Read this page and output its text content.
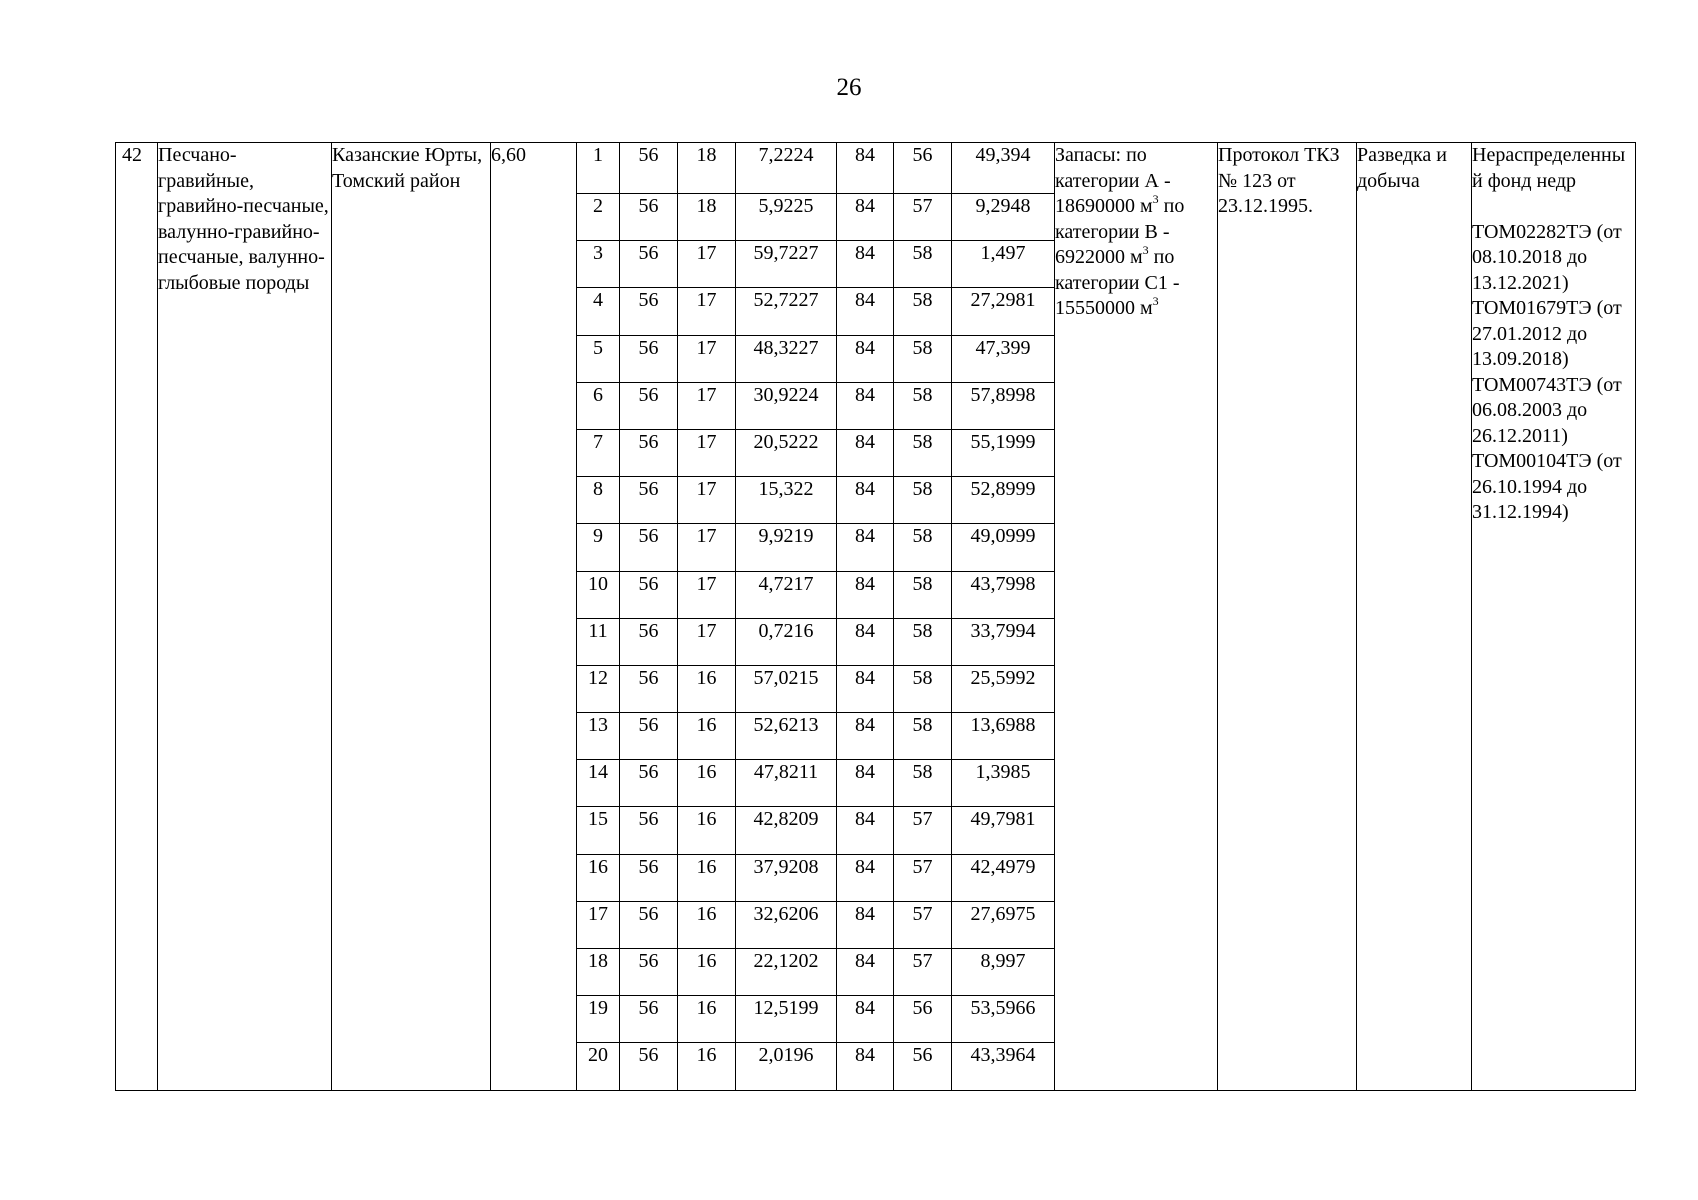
26
42	Песчано-гравийные, гравийно-песчаные, валунно-гравийно-песчаные, валунно-глыбовые породы	Казанские Юрты, Томский район	6,60	1	56	18	7,2224	84	56	49,394	Запасы: по категории А - 18690000 $м^3$ по категории В - 6922000 $м^3$ по категории С1 - 15550000 $м^3$	Протокол ТКЗ № 123 от 23.12.1995.	Разведка и добыча	Нераспределенный фонд недр
ТОМ02282ТЭ (от 08.10.2018 до 13.12.2021)
ТОМ01679ТЭ (от 27.01.2012 до 13.09.2018)
ТОМ00743ТЭ (от 06.08.2003 до 26.12.2011)
ТОМ00104ТЭ (от 26.10.1994 до 31.12.1994)

				2	56	18	5,9225	84	57	9,2948				
				3	56	17	59,7227	84	58	1,497				
				4	56	17	52,7227	84	58	27,2981				
				5	56	17	48,3227	84	58	47,399				
				6	56	17	30,9224	84	58	57,8998				
				7	56	17	20,5222	84	58	55,1999				
				8	56	17	15,322	84	58	52,8999				
				9	56	17	9,9219	84	58	49,0999				
				10	56	17	4,7217	84	58	43,7998				
				11	56	17	0,7216	84	58	33,7994				
				12	56	16	57,0215	84	58	25,5992				
				13	56	16	52,6213	84	58	13,6988				
				14	56	16	47,8211	84	58	1,3985				
				15	56	16	42,8209	84	57	49,7981				
				16	56	16	37,9208	84	57	42,4979				
				17	56	16	32,6206	84	57	27,6975				
				18	56	16	22,1202	84	57	8,997				
				19	56	16	12,5199	84	56	53,5966				
				20	56	16	2,0196	84	56	43,3964				
